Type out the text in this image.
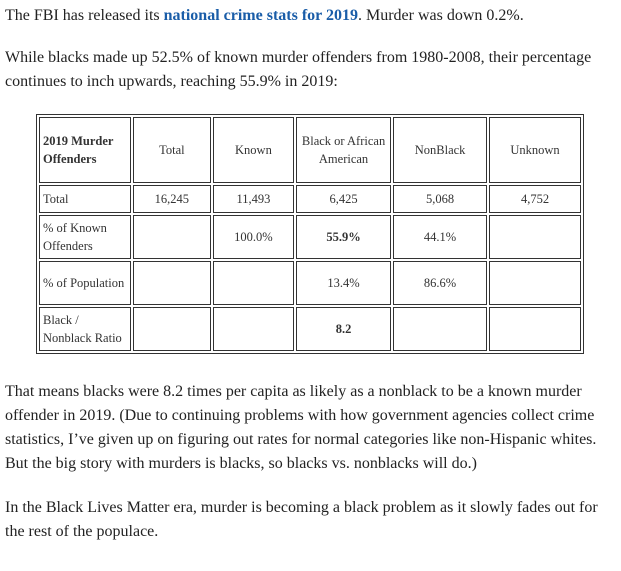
The FBI has released its national crime stats for 2019. Murder was down 0.2%.

While blacks made up 52.5% of known murder offenders from 1980-2008, their percentage continues to inch upwards, reaching 55.9% in 2019:

2019 Murder Offenders	Total	Known	Black or African American	NonBlack	Unknown
Total	16,245	11,493	6,425	5,068	4,752
% of Known Offenders		100.0%	55.9%	44.1%	
% of Population			13.4%	86.6%	
Black / Nonblack Ratio			8.2		

That means blacks were 8.2 times per capita as likely as a nonblack to be a known murder offender in 2019. (Due to continuing problems with how government agencies collect crime statistics, I’ve given up on figuring out rates for normal categories like non-Hispanic whites. But the big story with murders is blacks, so blacks vs. nonblacks will do.)

In the Black Lives Matter era, murder is becoming a black problem as it slowly fades out for the rest of the populace.
